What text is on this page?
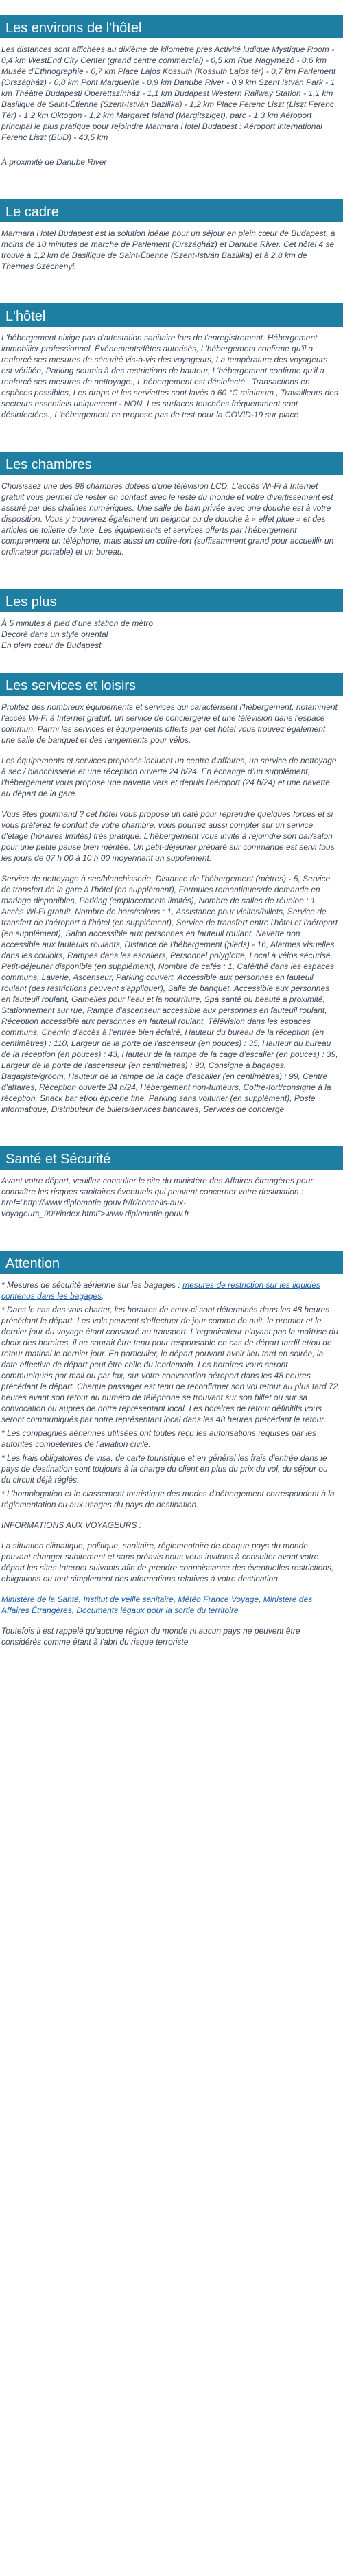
Les environs de l'hôtel

Les distances sont affichées au dixième de kilomètre près Activité ludique Mystique Room - 0,4 km WestEnd City Center (grand centre commercial) - 0,5 km Rue Nagymező - 0,6 km Musée d'Ethnographie - 0,7 km Place Lajos Kossuth (Kossuth Lajos tér) - 0,7 km Parlement (Országház) - 0,8 km Pont Marguerite - 0,9 km Danube River - 0,9 km Szent István Park - 1 km Théâtre Budapesti Operettszínház - 1,1 km Budapest Western Railway Station - 1,1 km Basilique de Saint-Étienne (Szent-István Bazilika) - 1,2 km Place Ferenc Liszt (Liszt Ferenc Tér) - 1,2 km Oktogon - 1,2 km Margaret Island (Margitsziget), parc - 1,3 km Aéroport principal le plus pratique pour rejoindre Marmara Hotel Budapest : Aéroport international Ferenc Liszt (BUD) - 43,5 km

À proximité de Danube River

Le cadre

Marmara Hotel Budapest est la solution idéale pour un séjour en plein cœur de Budapest, à moins de 10 minutes de marche de Parlement (Országház) et Danube River. Cet hôtel 4 se trouve à 1,2 km de Basilique de Saint-Étienne (Szent-István Bazilika) et à 2,8 km de Thermes Széchenyi.

L'hôtel

L'hébergement nixige pas d'attestation sanitaire lors de l'enregistrement. Hébergement immobilier professionnel, Événements/fêtes autorisés, L'hébergement confirme qu'il a renforcé ses mesures de sécurité vis-à-vis des voyageurs, La température des voyageurs est vérifiée, Parking soumis à des restrictions de hauteur, L'hébergement confirme qu'il a renforcé ses mesures de nettoyage., L'hébergement est désinfecté., Transactions en espèces possibles, Les draps et les serviettes sont lavés à 60 °C minimum., Travailleurs des secteurs essentiels uniquement - NON, Les surfaces touchées fréquemment sont désinfectées., L'hébergement ne propose pas de test pour la COVID-19 sur place

Les chambres

Choisissez une des 98 chambres dotées d'une télévision LCD. L'accès Wi-Fi à Internet gratuit vous permet de rester en contact avec le reste du monde et votre divertissement est assuré par des chaînes numériques. Une salle de bain privée avec une douche est à votre disposition. Vous y trouverez également un peignoir ou de douche à « effet pluie » et des articles de toilette de luxe. Les équipements et services offerts par l'hébergement comprennent un téléphone, mais aussi un coffre-fort (suffisamment grand pour accueillir un ordinateur portable) et un bureau.

Les plus
À 5 minutes à pied d'une station de métro
Décoré dans un style oriental
En plein cœur de Budapest
Les services et loisirs

Profitez des nombreux équipements et services qui caractérisent l'hébergement, notamment l'accès Wi-Fi à Internet gratuit, un service de conciergerie et une télévision dans l'espace commun. Parmi les services et équipements offerts par cet hôtel vous trouvez également une salle de banquet et des rangements pour vélos.

Les équipements et services proposés incluent un centre d'affaires, un service de nettoyage à sec / blanchisserie et une réception ouverte 24 h/24. En échange d'un supplément, l'hébergement vous propose une navette vers et depuis l'aéroport (24 h/24) et une navette au départ de la gare.

Vous êtes gourmand ? cet hôtel vous propose un café pour reprendre quelques forces et si vous préférez le confort de votre chambre, vous pourrez aussi compter sur un service d'étage (horaires limités) très pratique. L'hébergement vous invite à rejoindre son bar/salon pour une petite pause bien méritée. Un petit-déjeuner préparé sur commande est servi tous les jours de 07 h 00 à 10 h 00 moyennant un supplément.

Service de nettoyage à sec/blanchisserie, Distance de l'hébergement (mètres) - 5, Service de transfert de la gare à l'hôtel (en supplément), Formules romantiques/de demande en mariage disponibles, Parking (emplacements limités), Nombre de salles de réunion : 1, Accès Wi-Fi gratuit, Nombre de bars/salons : 1, Assistance pour visites/billets, Service de transfert de l'aéroport à l'hôtel (en supplément), Service de transfert entre l'hôtel et l'aéroport (en supplément), Salon accessible aux personnes en fauteuil roulant, Navette non accessible aux fauteuils roulants, Distance de l'hébergement (pieds) - 16, Alarmes visuelles dans les couloirs, Rampes dans les escaliers, Personnel polyglotte, Local à vélos sécurisé, Petit-déjeuner disponible (en supplément), Nombre de cafés : 1, Café/thé dans les espaces communs, Laverie, Ascenseur, Parking couvert, Accessible aux personnes en fauteuil roulant (des restrictions peuvent s'appliquer), Salle de banquet, Accessible aux personnes en fauteuil roulant, Gamelles pour l'eau et la nourriture, Spa santé ou beauté à proximité, Stationnement sur rue, Rampe d'ascenseur accessible aux personnes en fauteuil roulant, Réception accessible aux personnes en fauteuil roulant, Télévision dans les espaces communs, Chemin d'accès à l'entrée bien éclairé, Hauteur du bureau de la réception (en centimètres) : 110, Largeur de la porte de l'ascenseur (en pouces) : 35, Hauteur du bureau de la réception (en pouces) : 43, Hauteur de la rampe de la cage d'escalier (en pouces) : 39, Largeur de la porte de l'ascenseur (en centimètres) : 90, Consigne à bagages, Bagagiste/groom, Hauteur de la rampe de la cage d'escalier (en centimètres) : 99, Centre d'affaires, Réception ouverte 24 h/24, Hébergement non-fumeurs, Coffre-fort/consigne à la réception, Snack bar et/ou épicerie fine, Parking sans voiturier (en supplément), Poste informatique, Distributeur de billets/services bancaires, Services de concierge

Santé et Sécurité

Avant votre départ, veuillez consulter le site du ministère des Affaires étrangères pour connaître les risques sanitaires éventuels qui peuvent concerner votre destination : href="http://www.diplomatie.gouv.fr/fr/conseils-aux-voyageurs_909/index.html">www.diplomatie.gouv.fr

Attention

* Mesures de sécurité aérienne sur les bagages : mesures de restriction sur les liquides contenus dans les bagages.

* Dans le cas des vols charter, les horaires de ceux-ci sont déterminés dans les 48 heures précédant le départ. Les vols peuvent s'effectuer de jour comme de nuit, le premier et le dernier jour du voyage étant consacré au transport. L'organisateur n'ayant pas la maîtrise du choix des horaires, il ne saurait être tenu pour responsable en cas de départ tardif et/ou de retour matinal le dernier jour. En particulier, le départ pouvant avoir lieu tard en soirée, la date effective de départ peut être celle du lendemain. Les horaires vous seront communiqués par mail ou par fax, sur votre convocation aéroport dans les 48 heures précédant le départ. Chaque passager est tenu de reconfirmer son vol retour au plus tard 72 heures avant son retour au numéro de téléphone se trouvant sur son billet ou sur sa convocation ou auprès de notre représentant local. Les horaires de retour définitifs vous seront communiqués par notre représentant local dans les 48 heures précédant le retour.

* Les compagnies aériennes utilisées ont toutes reçu les autorisations requises par les autorités compétentes de l'aviation civile.

* Les frais obligatoires de visa, de carte touristique et en général les frais d'entrée dans le pays de destination sont toujours à la charge du client en plus du prix du vol, du séjour ou du circuit déjà réglés.

* L'homologation et le classement touristique des modes d'hébergement correspondent à la réglementation ou aux usages du pays de destination.

INFORMATIONS AUX VOYAGEURS :

La situation climatique, politique, sanitaire, réglementaire de chaque pays du monde pouvant changer subitement et sans préavis nous vous invitons à consulter avant votre départ les sites Internet suivants afin de prendre connaissance des éventuelles restrictions, obligations ou tout simplement des informations relatives à votre destination.

Ministère de la Santé, Institut de veille sanitaire, Météo France Voyage, Ministère des Affaires Étrangères, Documents légaux pour la sortie du territoire

Toutefois il est rappelé qu'aucune région du monde ni aucun pays ne peuvent être considérés comme étant à l'abri du risque terroriste.
